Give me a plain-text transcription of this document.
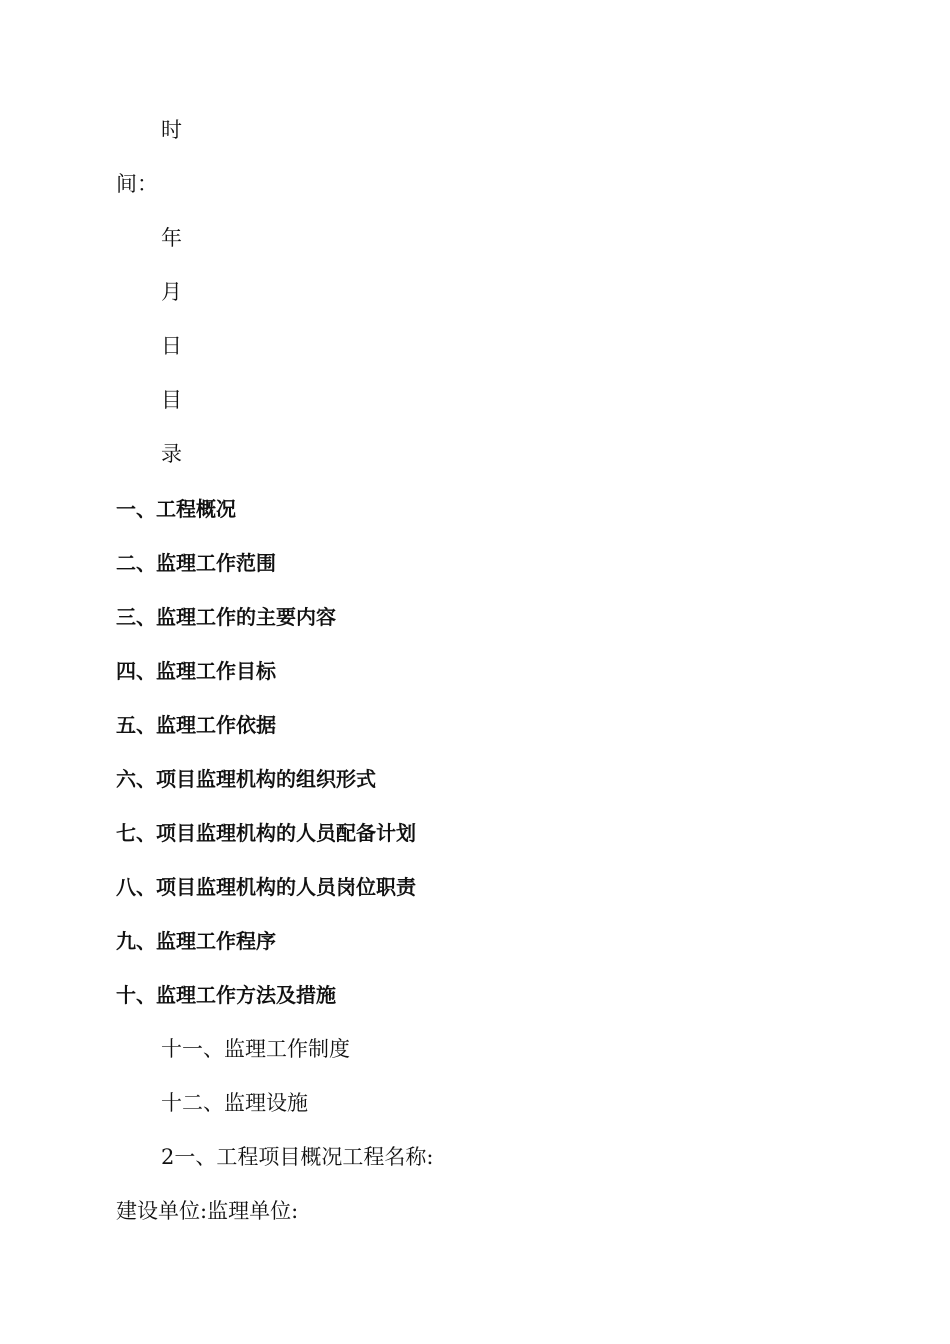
时
间：
年
月
日
目
录
一、工程概况
二、监理工作范围
三、监理工作的主要内容
四、监理工作目标
五、监理工作依据
六、项目监理机构的组织形式
七、项目监理机构的人员配备计划
八、项目监理机构的人员岗位职责
九、监理工作程序
十、监理工作方法及措施
十一、监理工作制度
十二、监理设施
2一、工程项目概况工程名称:
建设单位:监理单位:
